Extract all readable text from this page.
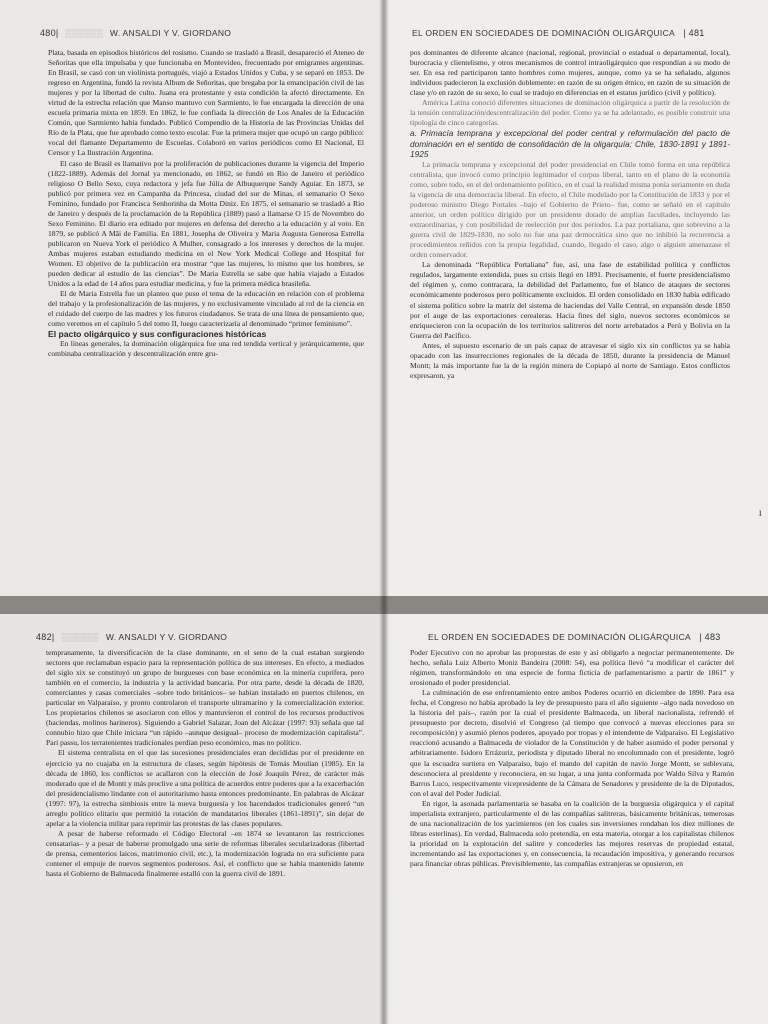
480| ▒▒▒▒▒▒ W. ANSALDI Y V. GIORDANO

Plata, basada en episodios históricos del rosismo. Cuando se trasladó a Brasil, desapareció el Ateneo de Señoritas que ella impulsaba y que funcionaba en Montevideo, frecuentado por emigrantes argentinas. En Brasil, se casó con un violinista portugués, viajó a Estados Unidos y Cuba, y se separó en 1853. De regreso en Argentina, fundó la revista Album de Señoritas, que bregaba por la emancipación civil de las mujeres y por la libertad de culto. Juana era protestante y esta condición la afectó directamente. En virtud de la estrecha relación que Manso mantuvo con Sarmiento, le fue encargada la dirección de una escuela primaria mixta en 1859. En 1862, le fue confiada la dirección de Los Anales de la Educación Común, que Sarmiento había fundado. Publicó Compendio de la Historia de las Provincias Unidas del Río de la Plata, que fue aprobado como texto escolar. Fue la primera mujer que ocupó un cargo público: vocal del flamante Departamento de Escuelas. Colaboró en varios periódicos como El Nacional, El Censor y La Ilustración Argentina.

El caso de Brasil es llamativo por la proliferación de publicaciones durante la vigencia del Imperio (1822-1889). Además del Jornal ya mencionado, en 1862, se fundó en Rio de Janeiro el periódico religioso O Bello Sexo, cuya redactora y jefa fue Júlia de Albuquerque Sandy Aguiar. En 1873, se publicó por primera vez en Campanha da Princesa, ciudad del sur de Minas, el semanario O Sexo Feminino, fundado por Francisca Senhorinha da Motta Diniz. En 1875, el semanario se trasladó a Rio de Janeiro y después de la proclamación de la República (1889) pasó a llamarse O 15 de Novembro do Sexo Feminino. El diario era editado por mujeres en defensa del derecho a la educación y al voto. En 1879, se publicó A Mãi de Familia. En 1881, Josepha de Oliveira y Maria Augusta Generosa Estrella publicaron en Nueva York el periódico A Mulher, consagrado a los intereses y derechos de la mujer. Ambas mujeres estaban estudiando medicina en el New York Medical College and Hospital for Women. El objetivo de la publicación era mostrar “que las mujeres, lo mismo que los hombres, se pueden dedicar al estudio de las ciencias”. De Maria Estrella se sabe que había viajado a Estados Unidos a la edad de 14 años para estudiar medicina, y fue la primera médica brasileña.

El de Maria Estrella fue un planteo que puso el tema de la educación en relación con el problema del trabajo y la profesionalización de las mujeres, y no exclusivamente vinculado al rol de la ciencia en el cuidado del cuerpo de las madres y los futuros ciudadanos. Se trata de una línea de pensamiento que, como veremos en el capítulo 5 del tomo II, luego caracterizaría al denominado “primer feminismo”.

El pacto oligárquico y sus configuraciones históricas

En líneas generales, la dominación oligárquica fue una red tendida vertical y jerárquicamente, que combinaba centralización y descentralización entre gru-

EL ORDEN EN SOCIEDADES DE DOMINACIÓN OLIGÁRQUICA | 481

pos dominantes de diferente alcance (nacional, regional, provincial o estadual o departamental, local), burocracia y clientelismo, y otros mecanismos de control intraoligárquico que respondían a su modo de ser. En esa red participaron tanto hombres como mujeres, aunque, como ya se ha señalado, algunos individuos padecieron la exclusión doblemente: en razón de su origen étnico, en razón de su situación de clase y/o en razón de su sexo, lo cual se tradujo en diferencias en el estatus jurídico (civil y político).

América Latina conoció diferentes situaciones de dominación oligárquica a partir de la resolución de la tensión centralización/descentralización del poder. Como ya se ha adelantado, es posible construir una tipología de cinco categorías.

a. Primacía temprana y excepcional del poder central y reformulación del pacto de dominación en el sentido de consolidación de la oligarquía: Chile, 1830-1891 y 1891-1925

La primacía temprana y excepcional del poder presidencial en Chile tomó forma en una república centralista, que invocó como principio legitimador el corpus liberal, tanto en el plano de la economía como, sobre todo, en el del ordenamiento político, en el cual la realidad misma ponía seriamente en duda la vigencia de una democracia liberal. En efecto, el Chile modelado por la Constitución de 1833 y por el poderoso ministro Diego Portales –bajo el Gobierno de Prieto– fue, como se señaló en el capítulo anterior, un orden político dirigido por un presidente dotado de amplias facultades, incluyendo las extraordinarias, y con posibilidad de reelección por dos períodos. La paz portaliana, que sobrevino a la guerra civil de 1829-1830, no solo no fue una paz democrática sino que no inhibió la recurrencia a procedimientos reñidos con la propia legalidad, cuando, llegado el caso, algo o alguien amenazase el orden conservador.

La denominada “República Portaliana” fue, así, una fase de estabilidad política y conflictos regulados, largamente extendida, pues su crisis llegó en 1891. Precisamente, el fuerte presidencialismo del régimen y, como contracara, la debilidad del Parlamento, fue el blanco de ataques de sectores económicamente poderosos pero políticamente excluidos. El orden consolidado en 1830 había edificado el sistema político sobre la matriz del sistema de haciendas del Valle Central, en expansión desde 1850 por el auge de las exportaciones cerealeras. Hacia fines del siglo, nuevos sectores económicos se enriquecieron con la ocupación de los territorios salitreros del norte arrebatados a Perú y Bolivia en la Guerra del Pacífico.

Antes, el supuesto escenario de un país capaz de atravesar el siglo xix sin conflictos ya se había opacado con las insurrecciones regionales de la década de 1850, durante la presidencia de Manuel Montt; la más importante fue la de la región minera de Copiapó al norte de Santiago. Estos conflictos expresaron, ya

ı
482| ▒▒▒▒▒▒ W. ANSALDI Y V. GIORDANO

tempranamente, la diversificación de la clase dominante, en el seno de la cual estaban surgiendo sectores que reclamaban espacio para la representación política de sus intereses. En efecto, a mediados del siglo xix se constituyó un grupo de burgueses con base económica en la minería cuprífera, pero también en el comercio, la industria y la actividad bancaria. Por otra parte, desde la década de 1820, comerciantes y casas comerciales –sobre todo británicos– se habían instalado en puertos chilenos, en particular en Valparaíso, y pronto controlaron el transporte ultramarino y la comercialización exterior. Los propietarios chilenos se asociaron con ellos y mantuvieron el control de los recursos productivos (haciendas, molinos harineros). Siguiendo a Gabriel Salazar, Joan del Alcázar (1997: 93) señala que tal connubio hizo que Chile iniciara “un rápido –aunque desigual– proceso de modernización capitalista”. Pari passu, los terratenientes tradicionales perdían peso económico, mas no político.

El sistema centralista en el que las sucesiones presidenciales eran decididas por el presidente en ejercicio ya no cuajaba en la estructura de clases, según hipótesis de Tomás Moulian (1985). En la década de 1860, los conflictos se acallaron con la elección de José Joaquín Pérez, de carácter más moderado que el de Montt y más proclive a una política de acuerdos entre poderes que a la exacerbación del presidencialismo lindante con el autoritarismo hasta entonces predominante. En palabras de Alcázar (1997: 97), la estrecha simbiosis entre la nueva burguesía y los hacendados tradicionales generó “un arreglo político elitario que permitió la rotación de mandatarios liberales (1861-1891)”, sin dejar de apelar a la violencia militar para reprimir las protestas de las clases populares.

A pesar de haberse reformado el Código Electoral –en 1874 se levantaron las restricciones censatarias– y a pesar de haberse promulgado una serie de reformas liberales secularizadoras (libertad de prensa, cementerios laicos, matrimonio civil, etc.), la modernización lograda no era suficiente para contener el empuje de nuevos segmentos poderosos. Así, el conflicto que se había mantenido latente hasta el Gobierno de Balmaceda finalmente estalló con la guerra civil de 1891.

EL ORDEN EN SOCIEDADES DE DOMINACIÓN OLIGÁRQUICA | 483

Poder Ejecutivo con no aprobar las propuestas de este y así obligarlo a negociar permanentemente. De hecho, señala Luiz Alberto Moniz Bandeira (2008: 54), esa política llevó “a modificar el carácter del régimen, transformándolo en una especie de forma ficticia de parlamentarismo a partir de 1861” y erosionado el poder presidencial.

La culminación de ese enfrentamiento entre ambos Poderes ocurrió en diciembre de 1890. Para esa fecha, el Congreso no había aprobado la ley de presupuesto para el año siguiente –algo nada novedoso en la historia del país–, razón por la cual el presidente Balmaceda, un liberal nacionalista, refrendó el presupuesto por decreto, disolvió el Congreso (al tiempo que convocó a nuevas elecciones para su recomposición) y asumió plenos poderes, apoyado por tropas y el intendente de Valparaíso. El Legislativo reaccionó acusando a Balmaceda de violador de la Constitución y de haber asumido el poder personal y arbitrariamente. Isidoro Errázuriz, periodista y diputado liberal no encolumnado con el presidente, logró que la escuadra surtiera en Valparaíso, bajo el mando del capitán de navío Jorge Montt, se sublevara, desconociera al presidente y reconociera, en su lugar, a una junta conformada por Waldo Silva y Ramón Barros Luco, respectivamente vicepresidente de la Cámara de Senadores y presidente de la de Diputados, con el aval del Poder Judicial.

En rigor, la asonada parlamentaria se basaba en la coalición de la burguesía oligárquica y el capital imperialista extranjero, particularmente el de las compañías salitreras, básicamente británicas, temerosas de una nacionalización de los yacimientos (en los cuales sus inversiones rondaban los diez millones de libras esterlinas). En verdad, Balmaceda solo pretendía, en esta materia, otorgar a los capitalistas chilenos la prioridad en la explotación del salitre y concederles las mejores reservas de propiedad estatal, incrementando así las exportaciones y, en consecuencia, la recaudación impositiva, y generando recursos para financiar obras públicas. Previsiblemente, las compañías extranjeras se opusieron, en
